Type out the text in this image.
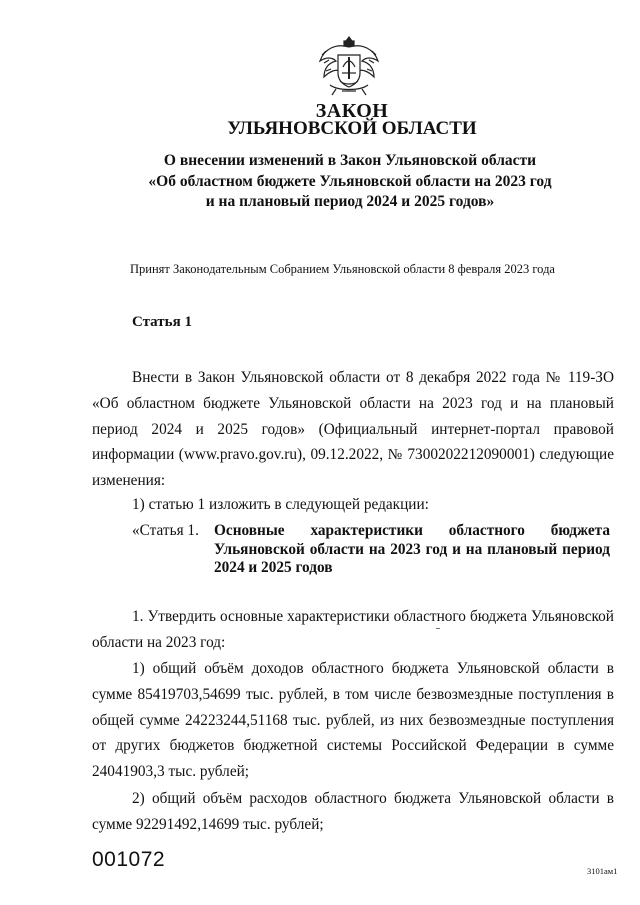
ЗАКОН
УЛЬЯНОВСКОЙ ОБЛАСТИ
О внесении изменений в Закон Ульяновской области
«Об областном бюджете Ульяновской области на 2023 год
и на плановый период 2024 и 2025 годов»
Принят Законодательным Собранием Ульяновской области 8 февраля 2023 года
Статья 1
Внести в Закон Ульяновской области от 8 декабря 2022 года № 119-ЗО «Об областном бюджете Ульяновской области на 2023 год и на плановый период 2024 и 2025 годов» (Официальный интернет-портал правовой информации (www.pravo.gov.ru), 09.12.2022, № 7300202212090001) следующие изменения:
1) статью 1 изложить в следующей редакции:
«Статья 1. Основные характеристики областного бюджета Ульяновской области на 2023 год и на плановый период 2024 и 2025 годов
1. Утвердить основные характеристики областного бюджета Ульяновской области на 2023 год:
1) общий объём доходов областного бюджета Ульяновской области в сумме 85419703,54699 тыс. рублей, в том числе безвозмездные поступления в общей сумме 24223244,51168 тыс. рублей, из них безвозмездные поступления от других бюджетов бюджетной системы Российской Федерации в сумме 24041903,3 тыс. рублей;
2) общий объём расходов областного бюджета Ульяновской области в сумме 92291492,14699 тыс. рублей;
001072	3101aм1
